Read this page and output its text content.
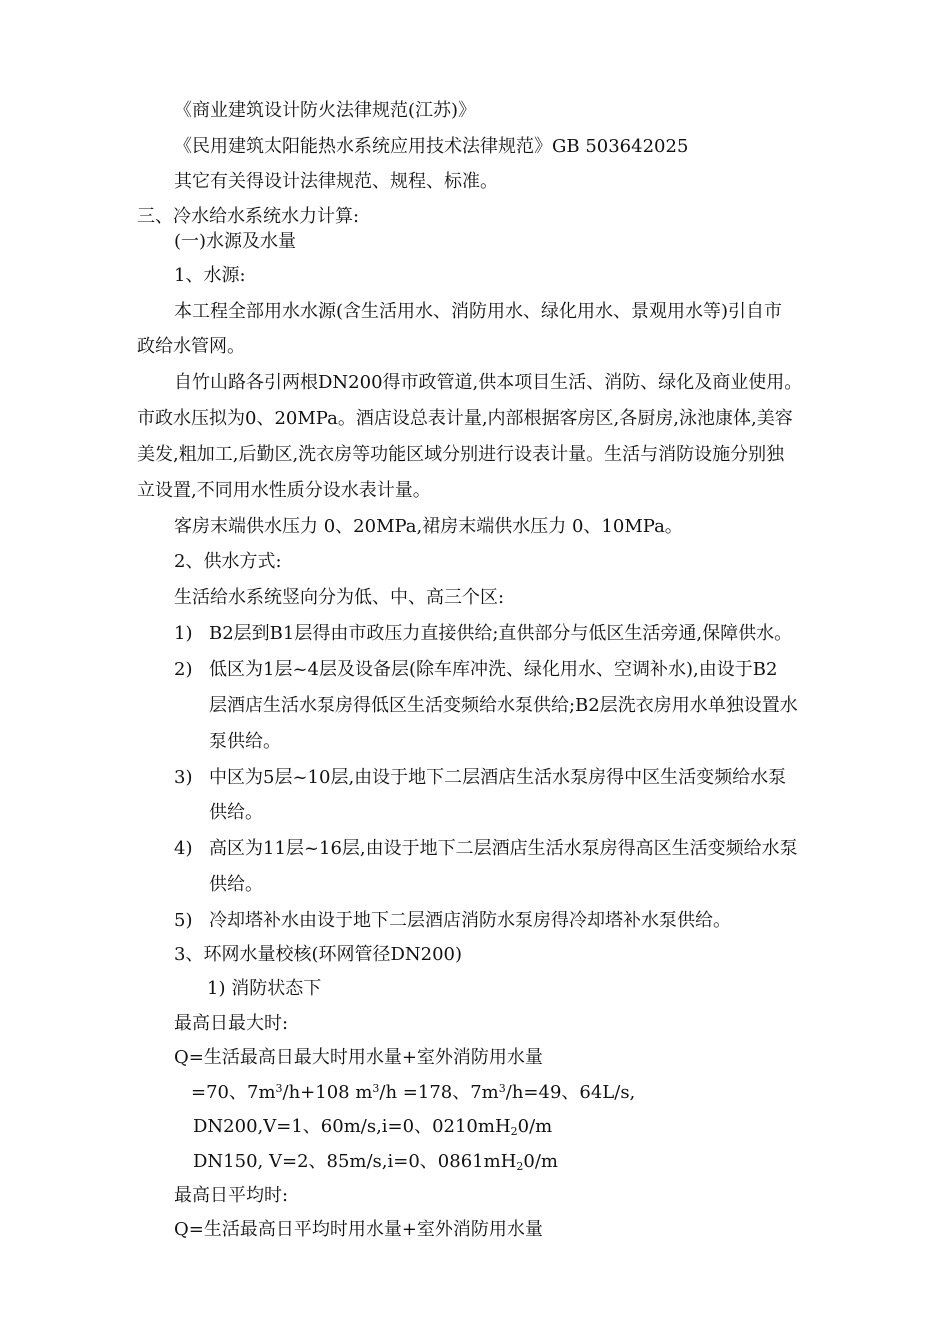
《商业建筑设计防火法律规范(江苏)》
《民用建筑太阳能热水系统应用技术法律规范》GB 503642025
其它有关得设计法律规范、规程、标准。
三、冷水给水系统水力计算:
(一)水源及水量
1、水源:
本工程全部用水水源(含生活用水、消防用水、绿化用水、景观用水等)引自市
政给水管网。
自竹山路各引两根DN200得市政管道,供本项目生活、消防、绿化及商业使用。
市政水压拟为0、20MPa。酒店设总表计量,内部根据客房区,各厨房,泳池康体,美容
美发,粗加工,后勤区,洗衣房等功能区域分别进行设表计量。生活与消防设施分别独
立设置,不同用水性质分设水表计量。
客房末端供水压力 0、20MPa,裙房末端供水压力 0、10MPa。
2、供水方式:
生活给水系统竖向分为低、中、高三个区:
1) B2层到B1层得由市政压力直接供给;直供部分与低区生活旁通,保障供水。
2) 低区为1层~4层及设备层(除车库冲洗、绿化用水、空调补水),由设于B2
层酒店生活水泵房得低区生活变频给水泵供给;B2层洗衣房用水单独设置水
泵供给。
3) 中区为5层~10层,由设于地下二层酒店生活水泵房得中区生活变频给水泵
供给。
4) 高区为11层~16层,由设于地下二层酒店生活水泵房得高区生活变频给水泵
供给。
5) 冷却塔补水由设于地下二层酒店消防水泵房得冷却塔补水泵供给。
3、环网水量校核(环网管径DN200)
1) 消防状态下
最高日最大时:
Q=生活最高日最大时用水量+室外消防用水量
=70、$7m^3/h+108$ $m^3/h =178$、$7m^3/h=49$、64L/s,
DN200,V=1、60m/s,i=0、0210mH20/m
DN150, V=2、85m/s,i=0、0861mH20/m
最高日平均时:
Q=生活最高日平均时用水量+室外消防用水量
